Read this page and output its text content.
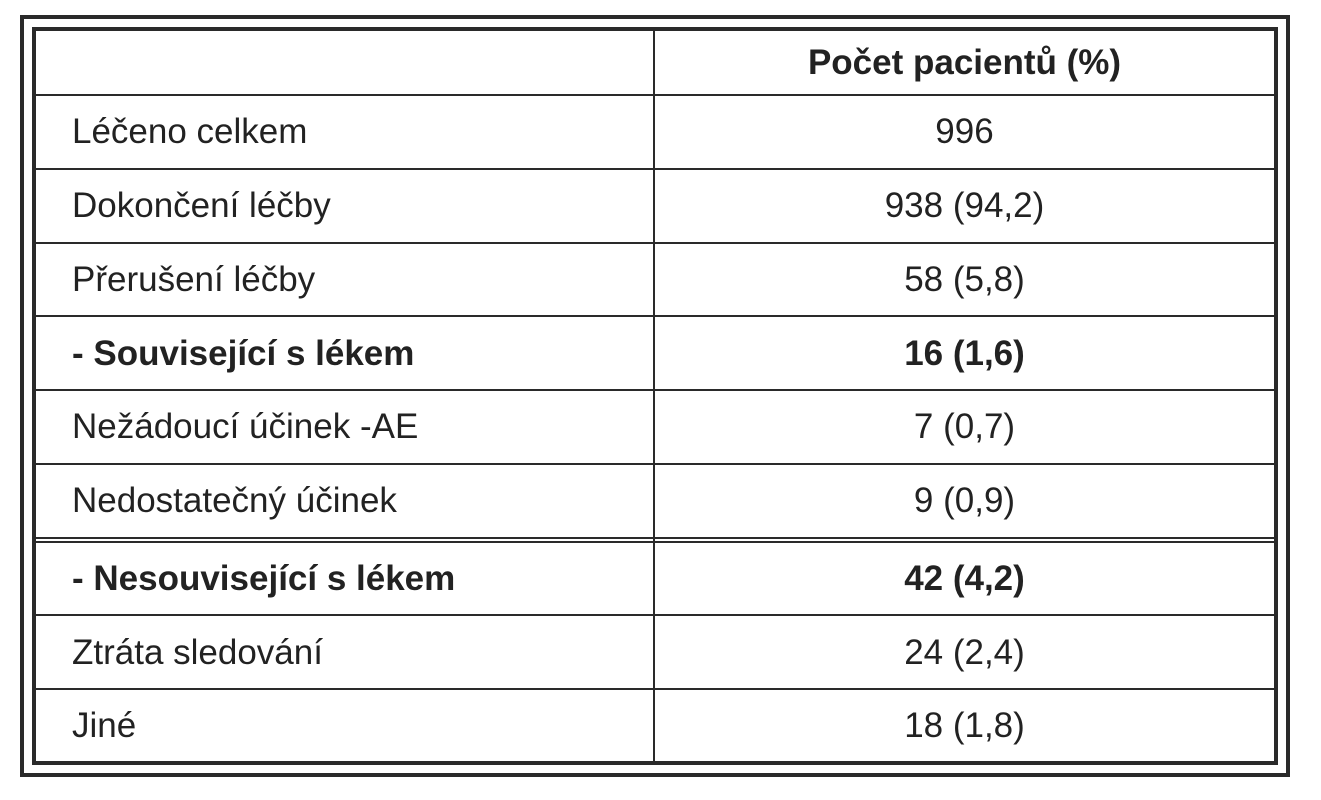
	Počet pacientů (%)
Léčeno celkem	996
Dokončení léčby	938 (94,2)
Přerušení léčby	58 (5,8)
- Související s lékem	16 (1,6)
Nežádoucí účinek -AE	7 (0,7)
Nedostatečný účinek	9 (0,9)

- Nesouvisející s lékem	42 (4,2)
Ztráta sledování	24 (2,4)
Jiné	18 (1,8)
